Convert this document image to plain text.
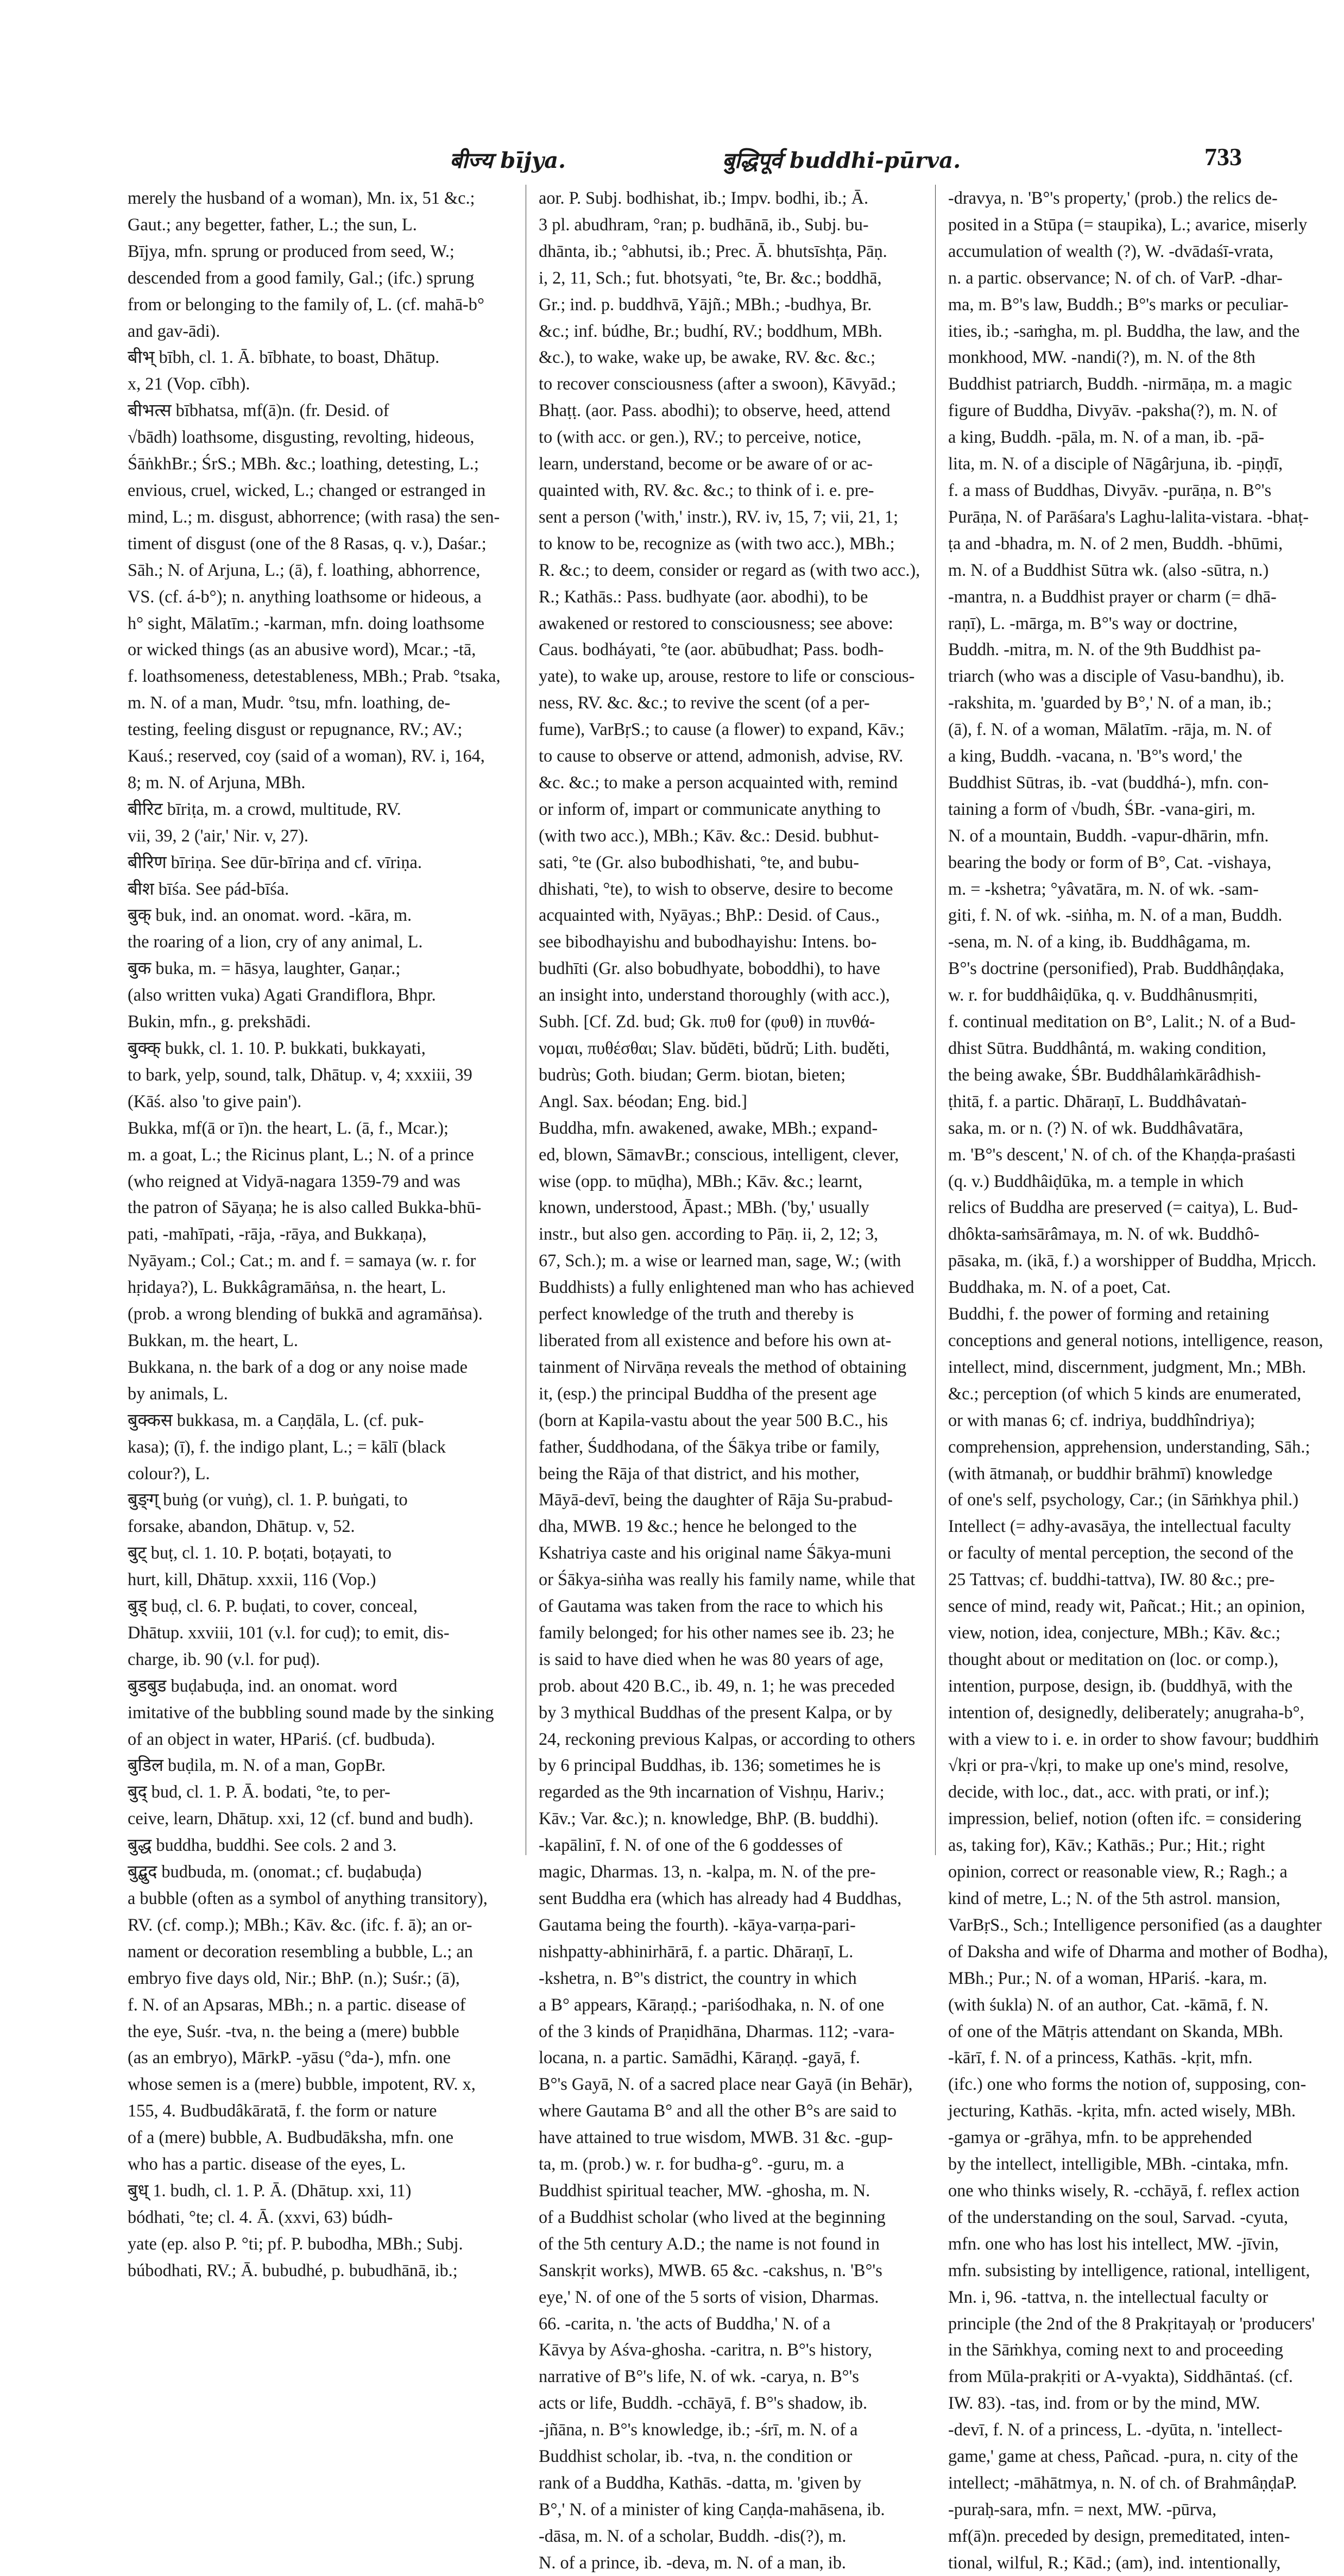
बीज्य bījya.	बुद्धिपूर्व buddhi-pūrva.	733
merely the husband of a woman), Mn. ix, 51 &c.;
Gaut.; any begetter, father, L.; the sun, L.
Bījya, mfn. sprung or produced from seed, W.;
descended from a good family, Gal.; (ifc.) sprung
from or belonging to the family of, L. (cf. mahā-b°
and gav-ādi).
बीभ् bībh, cl. 1. Ā. bībhate, to boast, Dhātup.
x, 21 (Vop. cībh).
बीभत्स bībhatsa, mf(ā)n. (fr. Desid. of
√bādh) loathsome, disgusting, revolting, hideous,
ŚāṅkhBr.; ŚrS.; MBh. &c.; loathing, detesting, L.;
envious, cruel, wicked, L.; changed or estranged in
mind, L.; m. disgust, abhorrence; (with rasa) the sen-
timent of disgust (one of the 8 Rasas, q. v.), Daśar.;
Sāh.; N. of Arjuna, L.; (ā), f. loathing, abhorrence,
VS. (cf. á-b°); n. anything loathsome or hideous, a
h° sight, Mālatīm.; -karman, mfn. doing loathsome
or wicked things (as an abusive word), Mcar.; -tā,
f. loathsomeness, detestableness, MBh.; Prab. °tsaka,
m. N. of a man, Mudr. °tsu, mfn. loathing, de-
testing, feeling disgust or repugnance, RV.; AV.;
Kauś.; reserved, coy (said of a woman), RV. i, 164,
8; m. N. of Arjuna, MBh.
बीरिट bīriṭa, m. a crowd, multitude, RV.
vii, 39, 2 ('air,' Nir. v, 27).
बीरिण bīriṇa. See dūr-bīriṇa and cf. vīriṇa.
बीश bīśa. See pád-bīśa.
बुक् buk, ind. an onomat. word. -kāra, m.
the roaring of a lion, cry of any animal, L.
बुक buka, m. = hāsya, laughter, Gaṇar.;
(also written vuka) Agati Grandiflora, Bhpr.
Bukin, mfn., g. prekshādi.
बुक्क् bukk, cl. 1. 10. P. bukkati, bukkayati,
to bark, yelp, sound, talk, Dhātup. v, 4; xxxiii, 39
(Kāś. also 'to give pain').
Bukka, mf(ā or ī)n. the heart, L. (ā, f., Mcar.);
m. a goat, L.; the Ricinus plant, L.; N. of a prince
(who reigned at Vidyā-nagara 1359-79 and was
the patron of Sāyaṇa; he is also called Bukka-bhū-
pati, -mahīpati, -rāja, -rāya, and Bukkaṇa),
Nyāyam.; Col.; Cat.; m. and f. = samaya (w. r. for
hṛidaya?), L. Bukkâgramāṅsa, n. the heart, L.
(prob. a wrong blending of bukkā and agramāṅsa).
Bukkan, m. the heart, L.
Bukkana, n. the bark of a dog or any noise made
by animals, L.
बुक्कस bukkasa, m. a Caṇḍāla, L. (cf. puk-
kasa); (ī), f. the indigo plant, L.; = kālī (black
colour?), L.
बुङ्ग् buṅg (or vuṅg), cl. 1. P. buṅgati, to
forsake, abandon, Dhātup. v, 52.
बुट् buṭ, cl. 1. 10. P. boṭati, boṭayati, to
hurt, kill, Dhātup. xxxii, 116 (Vop.)
बुड् buḍ, cl. 6. P. buḍati, to cover, conceal,
Dhātup. xxviii, 101 (v.l. for cuḍ); to emit, dis-
charge, ib. 90 (v.l. for puḍ).
बुडबुड buḍabuḍa, ind. an onomat. word
imitative of the bubbling sound made by the sinking
of an object in water, HPariś. (cf. budbuda).
बुडिल buḍila, m. N. of a man, GopBr.
बुद् bud, cl. 1. P. Ā. bodati, °te, to per-
ceive, learn, Dhātup. xxi, 12 (cf. bund and budh).
बुद्ध buddha, buddhi. See cols. 2 and 3.
बुद्बुद budbuda, m. (onomat.; cf. buḍabuḍa)
a bubble (often as a symbol of anything transitory),
RV. (cf. comp.); MBh.; Kāv. &c. (ifc. f. ā); an or-
nament or decoration resembling a bubble, L.; an
embryo five days old, Nir.; BhP. (n.); Suśr.; (ā),
f. N. of an Apsaras, MBh.; n. a partic. disease of
the eye, Suśr. -tva, n. the being a (mere) bubble
(as an embryo), MārkP. -yāsu (°da-), mfn. one
whose semen is a (mere) bubble, impotent, RV. x,
155, 4. Budbudâkāratā, f. the form or nature
of a (mere) bubble, A. Budbudāksha, mfn. one
who has a partic. disease of the eyes, L.
बुध् 1. budh, cl. 1. P. Ā. (Dhātup. xxi, 11)
bódhati, °te; cl. 4. Ā. (xxvi, 63) búdh-
yate (ep. also P. °ti; pf. P. bubodha, MBh.; Subj.
búbodhati, RV.; Ā. bubudhé, p. bubudhānā, ib.;
aor. P. Subj. bodhishat, ib.; Impv. bodhi, ib.; Ā.
3 pl. abudhram, °ran; p. budhānā, ib., Subj. bu-
dhānta, ib.; °abhutsi, ib.; Prec. Ā. bhutsīshṭa, Pāṇ.
i, 2, 11, Sch.; fut. bhotsyati, °te, Br. &c.; boddhā,
Gr.; ind. p. buddhvā, Yājñ.; MBh.; -budhya, Br.
&c.; inf. búdhe, Br.; budhí, RV.; boddhum, MBh.
&c.), to wake, wake up, be awake, RV. &c. &c.;
to recover consciousness (after a swoon), Kāvyād.;
Bhaṭṭ. (aor. Pass. abodhi); to observe, heed, attend
to (with acc. or gen.), RV.; to perceive, notice,
learn, understand, become or be aware of or ac-
quainted with, RV. &c. &c.; to think of i. e. pre-
sent a person ('with,' instr.), RV. iv, 15, 7; vii, 21, 1;
to know to be, recognize as (with two acc.), MBh.;
R. &c.; to deem, consider or regard as (with two acc.),
R.; Kathās.: Pass. budhyate (aor. abodhi), to be
awakened or restored to consciousness; see above:
Caus. bodháyati, °te (aor. abūbudhat; Pass. bodh-
yate), to wake up, arouse, restore to life or conscious-
ness, RV. &c. &c.; to revive the scent (of a per-
fume), VarBṛS.; to cause (a flower) to expand, Kāv.;
to cause to observe or attend, admonish, advise, RV.
&c. &c.; to make a person acquainted with, remind
or inform of, impart or communicate anything to
(with two acc.), MBh.; Kāv. &c.: Desid. bubhut-
sati, °te (Gr. also bubodhishati, °te, and bubu-
dhishati, °te), to wish to observe, desire to become
acquainted with, Nyāyas.; BhP.: Desid. of Caus.,
see bibodhayishu and bubodhayishu: Intens. bo-
budhīti (Gr. also bobudhyate, boboddhi), to have
an insight into, understand thoroughly (with acc.),
Subh. [Cf. Zd. bud; Gk. πυθ for (φυθ) in πυνθά-
νομαι, πυθέσθαι; Slav. bŭdēti, bŭdrŭ; Lith. buděti,
budrùs; Goth. biudan; Germ. biotan, bieten;
Angl. Sax. béodan; Eng. bid.]
Buddha, mfn. awakened, awake, MBh.; expand-
ed, blown, SāmavBr.; conscious, intelligent, clever,
wise (opp. to mūḍha), MBh.; Kāv. &c.; learnt,
known, understood, Āpast.; MBh. ('by,' usually
instr., but also gen. according to Pāṇ. ii, 2, 12; 3,
67, Sch.); m. a wise or learned man, sage, W.; (with
Buddhists) a fully enlightened man who has achieved
perfect knowledge of the truth and thereby is
liberated from all existence and before his own at-
tainment of Nirvāṇa reveals the method of obtaining
it, (esp.) the principal Buddha of the present age
(born at Kapila-vastu about the year 500 B.C., his
father, Śuddhodana, of the Śākya tribe or family,
being the Rāja of that district, and his mother,
Māyā-devī, being the daughter of Rāja Su-prabud-
dha, MWB. 19 &c.; hence he belonged to the
Kshatriya caste and his original name Śākya-muni
or Śākya-siṅha was really his family name, while that
of Gautama was taken from the race to which his
family belonged; for his other names see ib. 23; he
is said to have died when he was 80 years of age,
prob. about 420 B.C., ib. 49, n. 1; he was preceded
by 3 mythical Buddhas of the present Kalpa, or by
24, reckoning previous Kalpas, or according to others
by 6 principal Buddhas, ib. 136; sometimes he is
regarded as the 9th incarnation of Vishṇu, Hariv.;
Kāv.; Var. &c.); n. knowledge, BhP. (B. buddhi).
-kapālinī, f. N. of one of the 6 goddesses of
magic, Dharmas. 13, n. -kalpa, m. N. of the pre-
sent Buddha era (which has already had 4 Buddhas,
Gautama being the fourth). -kāya-varṇa-pari-
nishpatty-abhinirhārā, f. a partic. Dhāraṇī, L.
-kshetra, n. B°'s district, the country in which
a B° appears, Kāraṇḍ.; -pariśodhaka, n. N. of one
of the 3 kinds of Praṇidhāna, Dharmas. 112; -vara-
locana, n. a partic. Samādhi, Kāraṇḍ. -gayā, f.
B°'s Gayā, N. of a sacred place near Gayā (in Behār),
where Gautama B° and all the other B°s are said to
have attained to true wisdom, MWB. 31 &c. -gup-
ta, m. (prob.) w. r. for budha-g°. -guru, m. a
Buddhist spiritual teacher, MW. -ghosha, m. N.
of a Buddhist scholar (who lived at the beginning
of the 5th century A.D.; the name is not found in
Sanskṛit works), MWB. 65 &c. -cakshus, n. 'B°'s
eye,' N. of one of the 5 sorts of vision, Dharmas.
66. -carita, n. 'the acts of Buddha,' N. of a
Kāvya by Aśva-ghosha. -caritra, n. B°'s history,
narrative of B°'s life, N. of wk. -carya, n. B°'s
acts or life, Buddh. -cchāyā, f. B°'s shadow, ib.
-jñāna, n. B°'s knowledge, ib.; -śrī, m. N. of a
Buddhist scholar, ib. -tva, n. the condition or
rank of a Buddha, Kathās. -datta, m. 'given by
B°,' N. of a minister of king Caṇḍa-mahāsena, ib.
-dāsa, m. N. of a scholar, Buddh. -dis(?), m.
N. of a prince, ib. -deva, m. N. of a man, ib.
-dravya, n. 'B°'s property,' (prob.) the relics de-
posited in a Stūpa (= staupika), L.; avarice, miserly
accumulation of wealth (?), W. -dvādaśī-vrata,
n. a partic. observance; N. of ch. of VarP. -dhar-
ma, m. B°'s law, Buddh.; B°'s marks or peculiar-
ities, ib.; -saṁgha, m. pl. Buddha, the law, and the
monkhood, MW. -nandi(?), m. N. of the 8th
Buddhist patriarch, Buddh. -nirmāṇa, m. a magic
figure of Buddha, Divyāv. -paksha(?), m. N. of
a king, Buddh. -pāla, m. N. of a man, ib. -pā-
lita, m. N. of a disciple of Nāgârjuna, ib. -piṇḍī,
f. a mass of Buddhas, Divyāv. -purāṇa, n. B°'s
Purāṇa, N. of Parāśara's Laghu-lalita-vistara. -bhaṭ-
ṭa and -bhadra, m. N. of 2 men, Buddh. -bhūmi,
m. N. of a Buddhist Sūtra wk. (also -sūtra, n.)
-mantra, n. a Buddhist prayer or charm (= dhā-
raṇī), L. -mārga, m. B°'s way or doctrine,
Buddh. -mitra, m. N. of the 9th Buddhist pa-
triarch (who was a disciple of Vasu-bandhu), ib.
-rakshita, m. 'guarded by B°,' N. of a man, ib.;
(ā), f. N. of a woman, Mālatīm. -rāja, m. N. of
a king, Buddh. -vacana, n. 'B°'s word,' the
Buddhist Sūtras, ib. -vat (buddhá-), mfn. con-
taining a form of √budh, ŚBr. -vana-giri, m.
N. of a mountain, Buddh. -vapur-dhārin, mfn.
bearing the body or form of B°, Cat. -vishaya,
m. = -kshetra; °yâvatāra, m. N. of wk. -sam-
giti, f. N. of wk. -siṅha, m. N. of a man, Buddh.
-sena, m. N. of a king, ib. Buddhâgama, m.
B°'s doctrine (personified), Prab. Buddhâṇḍaka,
w. r. for buddhâiḍūka, q. v. Buddhânusmṛiti,
f. continual meditation on B°, Lalit.; N. of a Bud-
dhist Sūtra. Buddhântá, m. waking condition,
the being awake, ŚBr. Buddhâlaṁkārâdhish-
ṭhitā, f. a partic. Dhāraṇī, L. Buddhâvataṅ-
saka, m. or n. (?) N. of wk. Buddhâvatāra,
m. 'B°'s descent,' N. of ch. of the Khaṇḍa-praśasti
(q. v.) Buddhâiḍūka, m. a temple in which
relics of Buddha are preserved (= caitya), L. Bud-
dhôkta-saṁsārâmaya, m. N. of wk. Buddhô-
pāsaka, m. (ikā, f.) a worshipper of Buddha, Mṛicch.
Buddhaka, m. N. of a poet, Cat.
Buddhi, f. the power of forming and retaining
conceptions and general notions, intelligence, reason,
intellect, mind, discernment, judgment, Mn.; MBh.
&c.; perception (of which 5 kinds are enumerated,
or with manas 6; cf. indriya, buddhîndriya);
comprehension, apprehension, understanding, Sāh.;
(with ātmanaḥ, or buddhir brāhmī) knowledge
of one's self, psychology, Car.; (in Sāṁkhya phil.)
Intellect (= adhy-avasāya, the intellectual faculty
or faculty of mental perception, the second of the
25 Tattvas; cf. buddhi-tattva), IW. 80 &c.; pre-
sence of mind, ready wit, Pañcat.; Hit.; an opinion,
view, notion, idea, conjecture, MBh.; Kāv. &c.;
thought about or meditation on (loc. or comp.),
intention, purpose, design, ib. (buddhyā, with the
intention of, designedly, deliberately; anugraha-b°,
with a view to i. e. in order to show favour; buddhiṁ
√kṛi or pra-√kṛi, to make up one's mind, resolve,
decide, with loc., dat., acc. with prati, or inf.);
impression, belief, notion (often ifc. = considering
as, taking for), Kāv.; Kathās.; Pur.; Hit.; right
opinion, correct or reasonable view, R.; Ragh.; a
kind of metre, L.; N. of the 5th astrol. mansion,
VarBṛS., Sch.; Intelligence personified (as a daughter
of Daksha and wife of Dharma and mother of Bodha),
MBh.; Pur.; N. of a woman, HPariś. -kara, m.
(with śukla) N. of an author, Cat. -kāmā, f. N.
of one of the Mātṛis attendant on Skanda, MBh.
-kārī, f. N. of a princess, Kathās. -kṛit, mfn.
(ifc.) one who forms the notion of, supposing, con-
jecturing, Kathās. -kṛita, mfn. acted wisely, MBh.
-gamya or -grāhya, mfn. to be apprehended
by the intellect, intelligible, MBh. -cintaka, mfn.
one who thinks wisely, R. -cchāyā, f. reflex action
of the understanding on the soul, Sarvad. -cyuta,
mfn. one who has lost his intellect, MW. -jīvin,
mfn. subsisting by intelligence, rational, intelligent,
Mn. i, 96. -tattva, n. the intellectual faculty or
principle (the 2nd of the 8 Prakṛitayaḥ or 'producers'
in the Sāṁkhya, coming next to and proceeding
from Mūla-prakṛiti or A-vyakta), Siddhāntaś. (cf.
IW. 83). -tas, ind. from or by the mind, MW.
-devī, f. N. of a princess, L. -dyūta, n. 'intellect-
game,' game at chess, Pañcad. -pura, n. city of the
intellect; -māhātmya, n. N. of ch. of BrahmâṇḍaP.
-puraḥ-sara, mfn. = next, MW. -pūrva,
mf(ā)n. preceded by design, premeditated, inten-
tional, wilful, R.; Kād.; (am), ind. intentionally,
